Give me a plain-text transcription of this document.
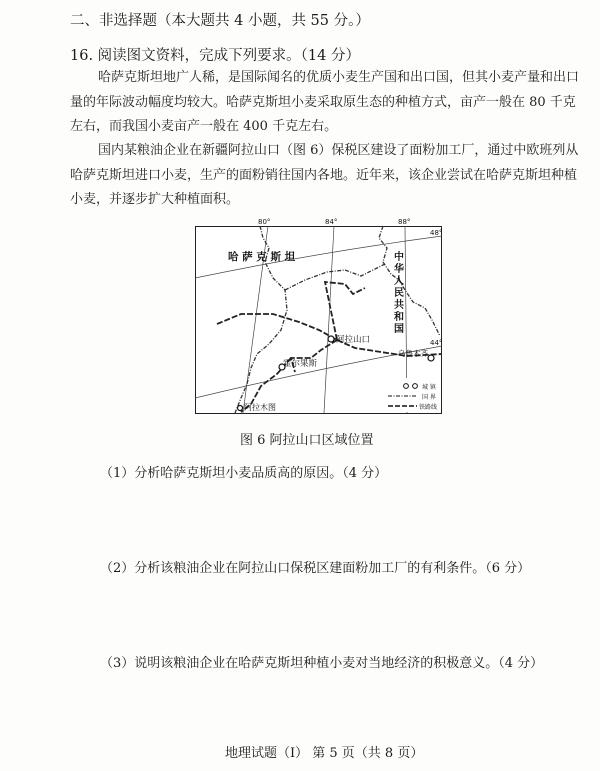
二、非选择题（本大题共 4 小题，共 55 分。）
16. 阅读图文资料，完成下列要求。（14 分）
哈萨克斯坦地广人稀，是国际闻名的优质小麦生产国和出口国，但其小麦产量和出口量的年际波动幅度均较大。哈萨克斯坦小麦采取原生态的种植方式，亩产一般在 80 千克左右，而我国小麦亩产一般在 400 千克左右。
国内某粮油企业在新疆阿拉山口（图 6）保税区建设了面粉加工厂，通过中欧班列从哈萨克斯坦进口小麦，生产的面粉销往国内各地。近年来，该企业尝试在哈萨克斯坦种植小麦，并逐步扩大种植面积。
80°	84°	88°
48°
44°
哈 萨 克 斯 坦	中
华
人
民
共
和
国
阿拉山口
霍尔果斯
乌鲁木齐
阿拉木图
城 镇
国 界
铁路线
图 6 阿拉山口区域位置
（1）分析哈萨克斯坦小麦品质高的原因。（4 分）
（2）分析该粮油企业在阿拉山口保税区建面粉加工厂的有利条件。（6 分）
（3）说明该粮油企业在哈萨克斯坦种植小麦对当地经济的积极意义。（4 分）
地理试题（Ⅰ） 第 5 页（共 8 页）
